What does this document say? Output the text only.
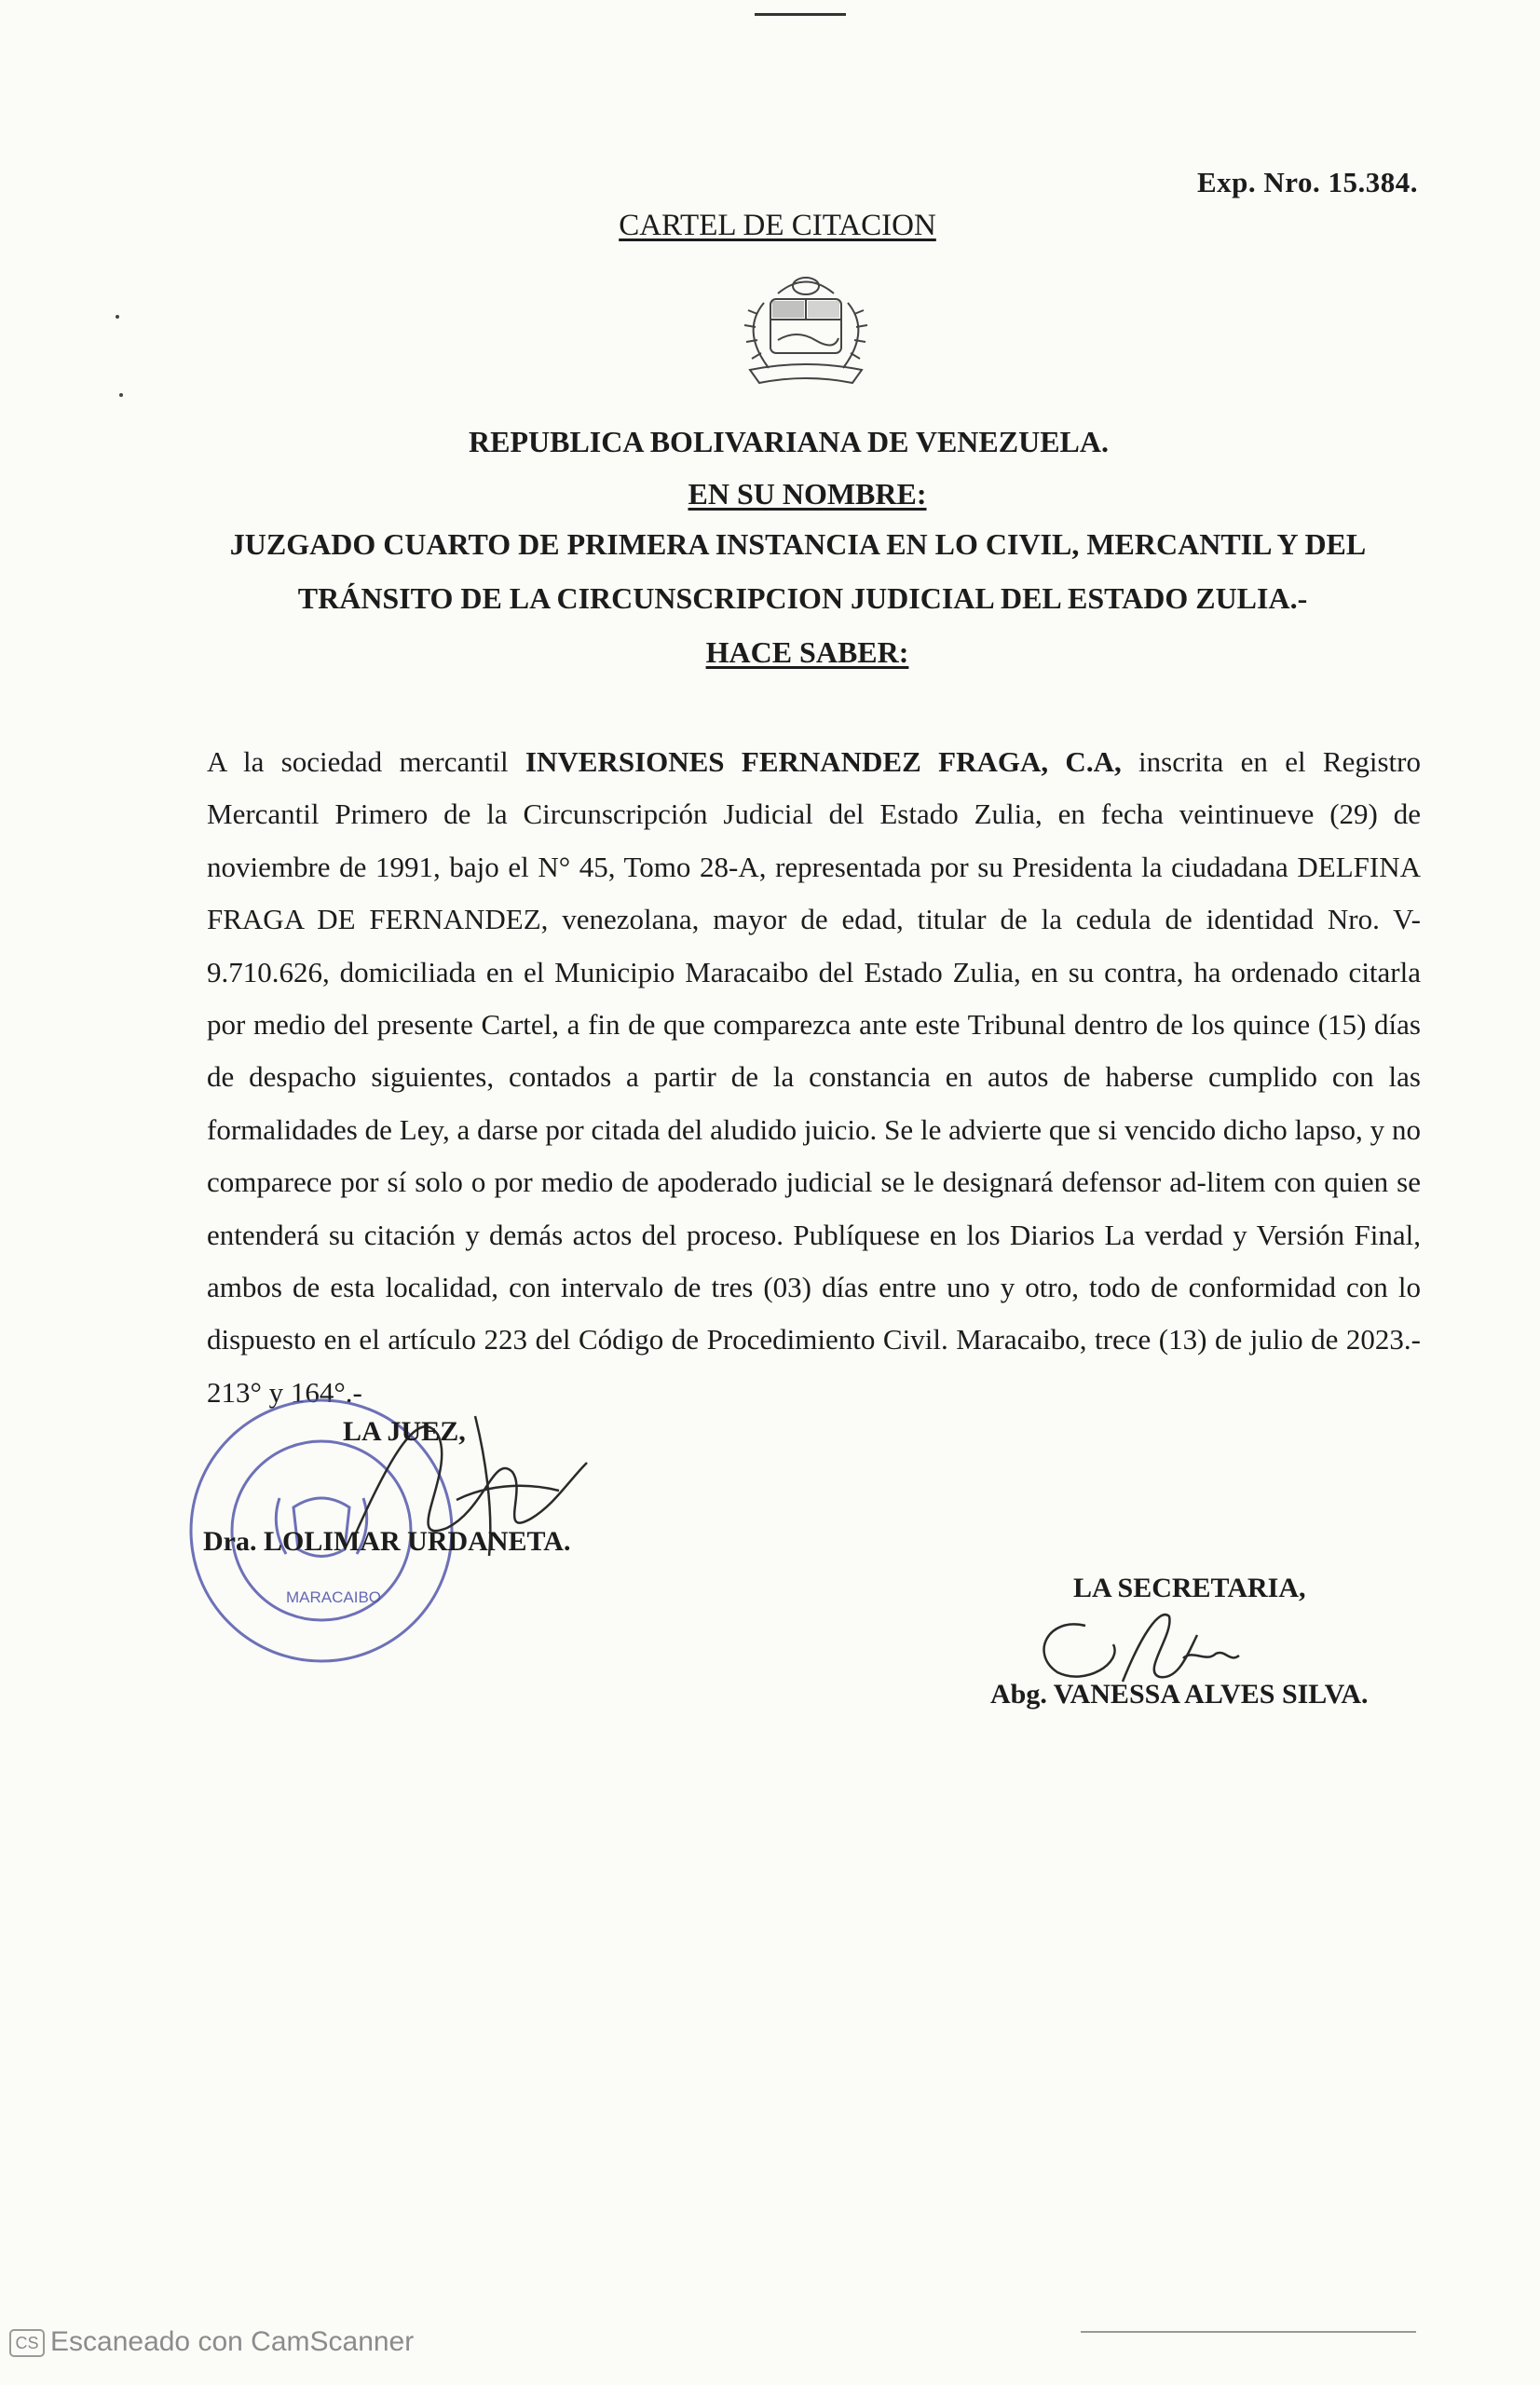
Exp. Nro. 15.384.
CARTEL DE CITACION
REPUBLICA BOLIVARIANA DE VENEZUELA.
EN SU NOMBRE:
JUZGADO CUARTO DE PRIMERA INSTANCIA EN LO CIVIL, MERCANTIL Y DEL
TRÁNSITO DE LA CIRCUNSCRIPCION JUDICIAL DEL ESTADO ZULIA.-
HACE SABER:
A la sociedad mercantil INVERSIONES FERNANDEZ FRAGA, C.A, inscrita en el Registro Mercantil Primero de la Circunscripción Judicial del Estado Zulia, en fecha veintinueve (29) de noviembre de 1991, bajo el N° 45, Tomo 28-A, representada por su Presidenta la ciudadana DELFINA FRAGA DE FERNANDEZ, venezolana, mayor de edad, titular de la cedula de identidad Nro. V-9.710.626, domiciliada en el Municipio Maracaibo del Estado Zulia, en su contra, ha ordenado citarla por medio del presente Cartel, a fin de que comparezca ante este Tribunal dentro de los quince (15) días de despacho siguientes, contados a partir de la constancia en autos de haberse cumplido con las formalidades de Ley, a darse por citada del aludido juicio. Se le advierte que si vencido dicho lapso, y no comparece por sí solo o por medio de apoderado judicial se le designará defensor ad-litem con quien se entenderá su citación y demás actos del proceso. Publíquese en los Diarios La verdad y Versión Final, ambos de esta localidad, con intervalo de tres (03) días entre uno y otro, todo de conformidad con lo dispuesto en el artículo 223 del Código de Procedimiento Civil. Maracaibo, trece (13) de julio de 2023.- 213° y 164°.-
MARACAIBO
LA JUEZ,
Dra. LOLIMAR URDANETA.
LA SECRETARIA,
Abg. VANESSA ALVES SILVA.
CS Escaneado con CamScanner
